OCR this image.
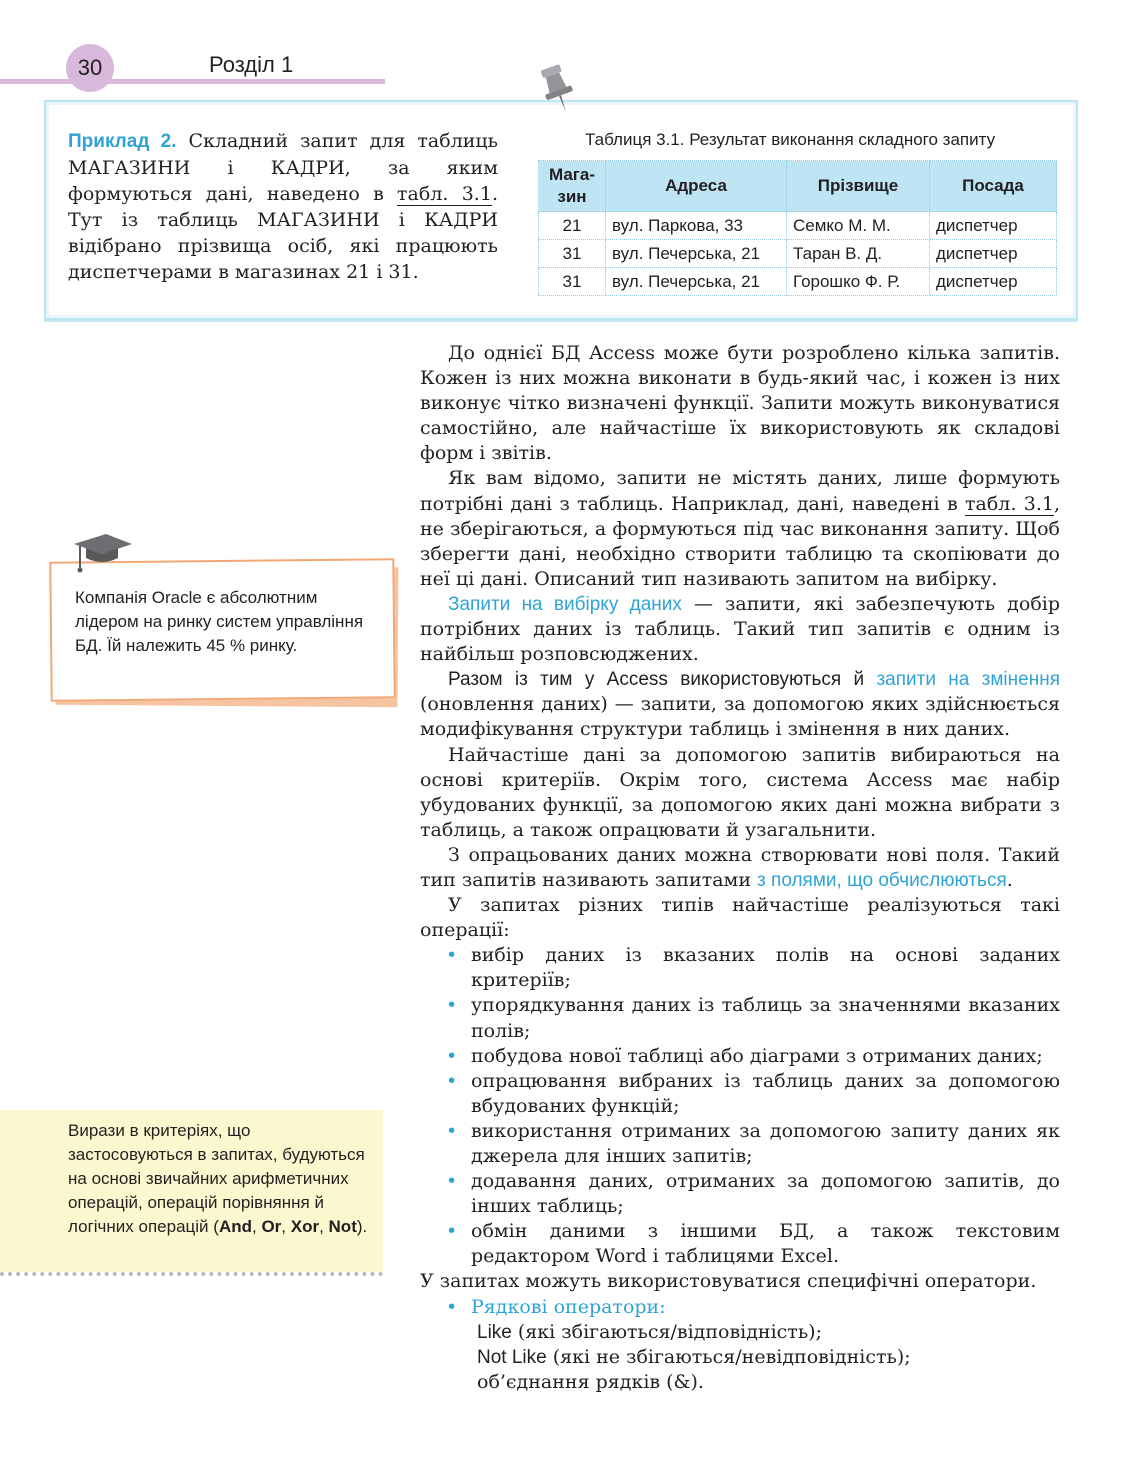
30	Розділ 1
Приклад 2. Складний запит для таблиць МАГАЗИНИ і КАДРИ, за яким формуються дані, наведено в табл. 3.1. Тут із таблиць МАГАЗИНИ і КАДРИ відібрано прізвища осіб, які працюють диспетчерами в магазинах 21 і 31.
Таблиця 3.1. Результат виконання складного запиту
Мага-
зин	Адреса	Прізвище	Посада
21	вул. Паркова, 33	Семко М. М.	диспетчер
31	вул. Печерська, 21	Таран В. Д.	диспетчер
31	вул. Печерська, 21	Горошко Ф. Р.	диспетчер
Компанія Oracle є абсолютним лідером на ринку систем управління БД. Їй належить 45 % ринку.
Вирази в критеріях, що застосовуються в запитах, будуються на основі звичайних арифметичних операцій, операцій порівняння й логічних операцій (And, Or, Xor, Not).

До однієї БД Access може бути розроблено кілька запитів. Кожен із них можна виконати в будь-який час, і кожен із них виконує чітко визначені функції. Запити можуть виконуватися самостійно, але найчастіше їх використовують як складові форм і звітів.

Як вам відомо, запити не містять даних, лише формують потрібні дані з таблиць. Наприклад, дані, наведені в табл. 3.1, не зберігаються, а формуються під час виконання запиту. Щоб зберегти дані, необхідно створити таблицю та скопіювати до неї ці дані. Описаний тип називають запитом на вибірку.

Запити на вибірку даних — запити, які забезпечують добір потрібних даних із таблиць. Такий тип запитів є одним із найбільш розповсюджених.

Разом із тим у Access використовуються й запити на змінення (оновлення даних) — запити, за допомогою яких здійснюється модифікування структури таблиць і змінення в них даних.

Найчастіше дані за допомогою запитів вибираються на основі критеріїв. Окрім того, система Access має набір убудованих функції, за допомогою яких дані можна вибрати з таблиць, а також опрацювати й узагальнити.

З опрацьованих даних можна створювати нові поля. Такий тип запитів називають запитами з полями, що обчислюються.

У запитах різних типів найчастіше реалізуються такі операції:

• вибір даних із вказаних полів на основі заданих критеріїв;
• упорядкування даних із таблиць за значеннями вказаних полів;
• побудова нової таблиці або діаграми з отриманих даних;
• опрацювання вибраних із таблиць даних за допомогою вбудованих функцій;
• використання отриманих за допомогою запиту даних як джерела для інших запитів;
• додавання даних, отриманих за допомогою запитів, до інших таблиць;
• обмін даними з іншими БД, а також текстовим редактором Word і таблицями Excel.

У запитах можуть використовуватися специфічні оператори.

• Рядкові оператори:
Like (які збігаються/відповідність);
Not Like (які не збігаються/невідповідність);
об’єднання рядків (&).
